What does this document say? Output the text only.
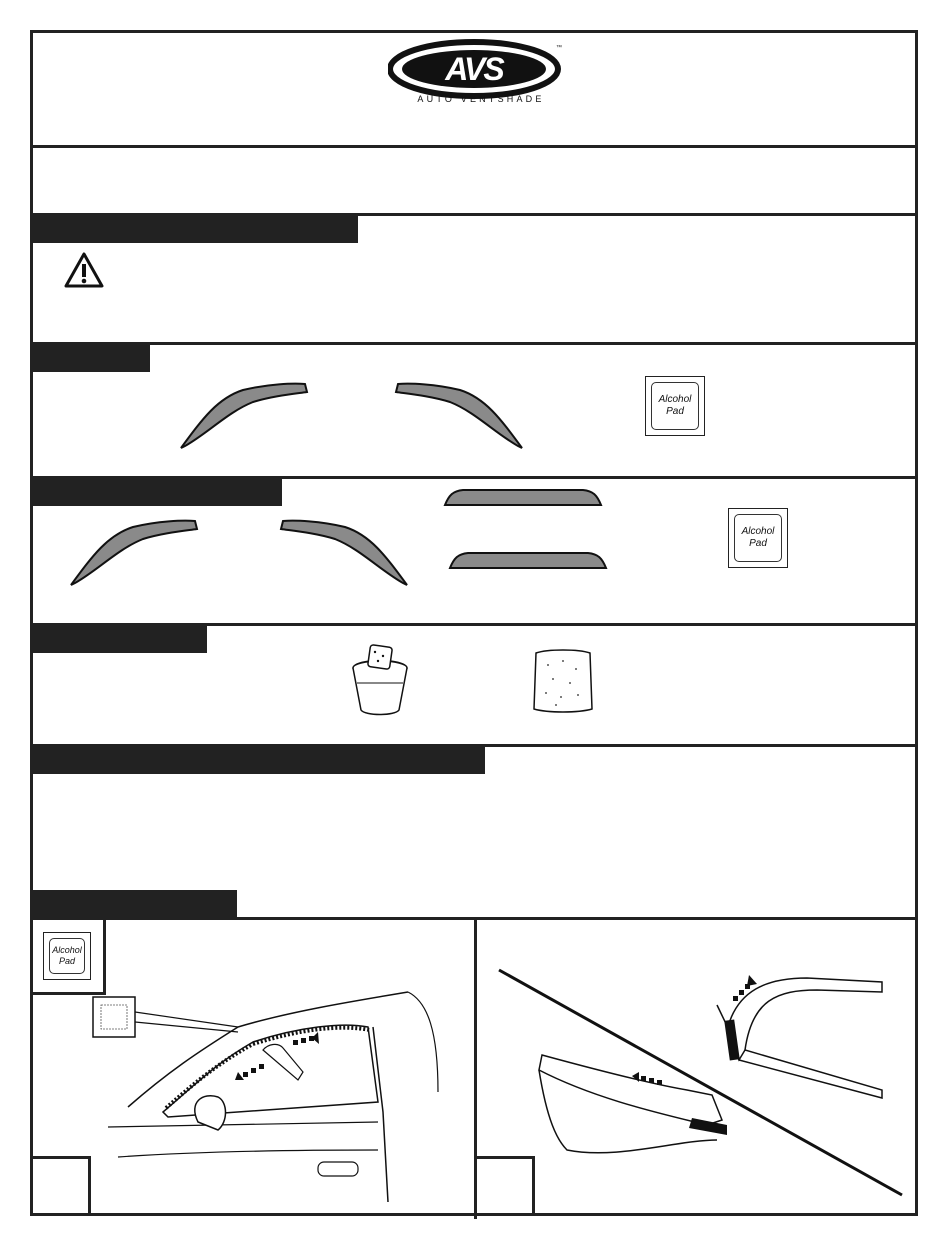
AVS
™
AUTO VENTSHADE
Alcohol
Pad
Alcohol
Pad
Alcohol
Pad
